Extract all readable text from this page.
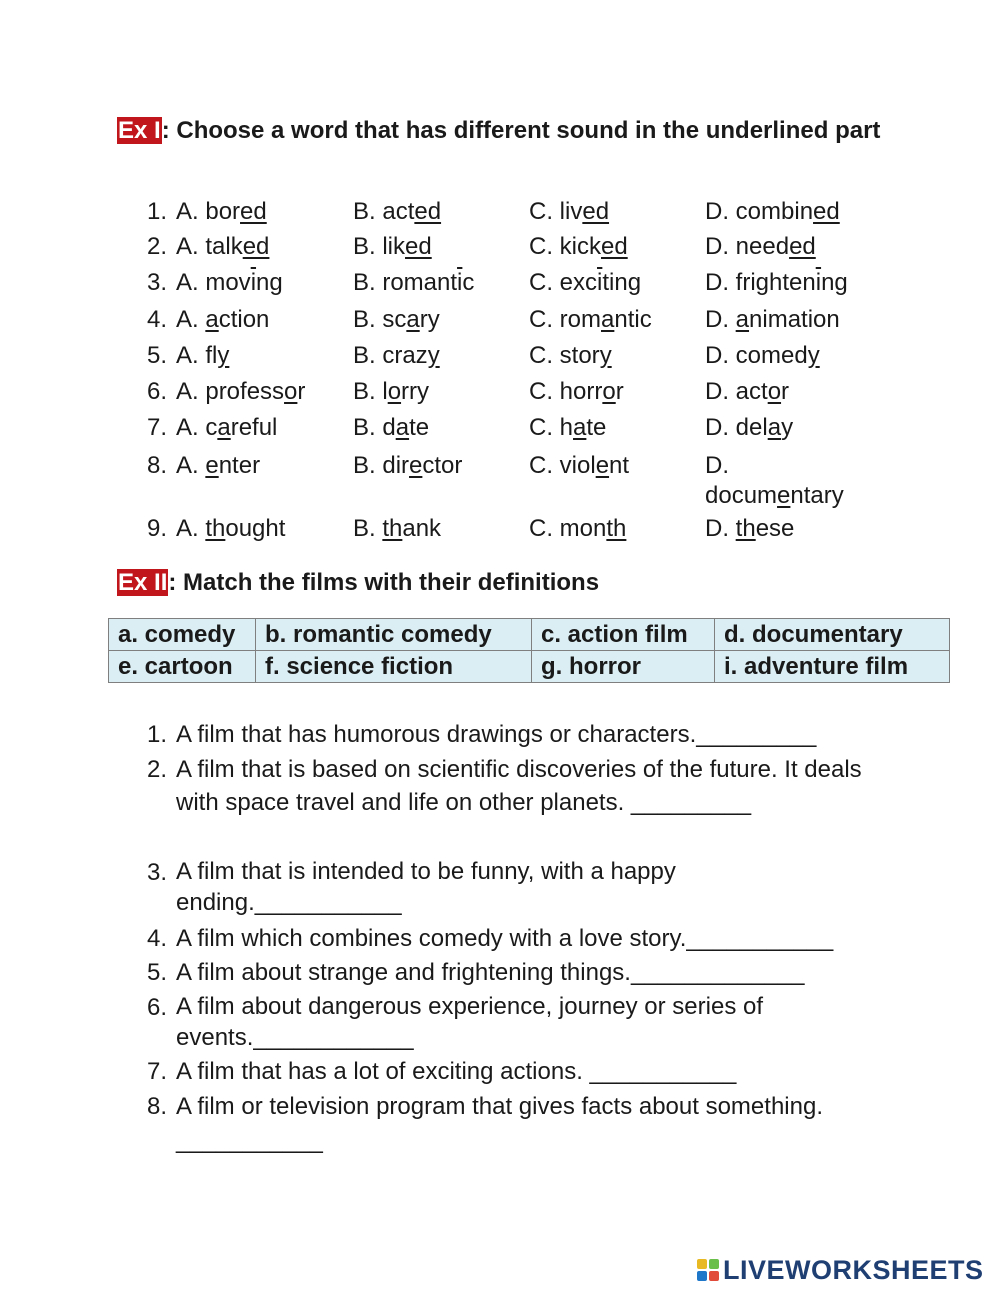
Ex I: Choose a word that has different sound in the underlined part
1. A. bored	B. acted	C. lived	D. combined
2. A. talked	B. liked	C. kicked	D. needed
3. A. $mov\overline{i}ng$	B. $romant\overline{i}c$ C. $exc\overline{i}ting$	D. $frighten\overline{i}ng$
4. A. action	B. scary	C. romantic D. animation
5. A. fly	B. crazy	C. story	D. comedy
6. A. professor B. lorry	C. horror	D. actor
7. A. careful	B. date	C. hate	D. delay
8. A. enter	B. director	C. violent	D. documentary
9. A. thought	B. thank	C. month	D. these
Ex II: Match the films with their definitions
a. comedy	b. romantic comedy	c. action film	d. documentary
e. cartoon	f. science fiction	g. horror	i. adventure film
1. A film that has humorous drawings or characters._________
2. A film that is based on scientific discoveries of the future. It deals with space travel and life on other planets. _________
3. A film that is intended to be funny, with a happy ending.___________
4. A film which combines comedy with a love story.___________
5. A film about strange and frightening things._____________
6. A film about dangerous experience, journey or series of events.____________
7. A film that has a lot of exciting actions. ___________
8. A film or television program that gives facts about something. ___________
LIVEWORKSHEETS
